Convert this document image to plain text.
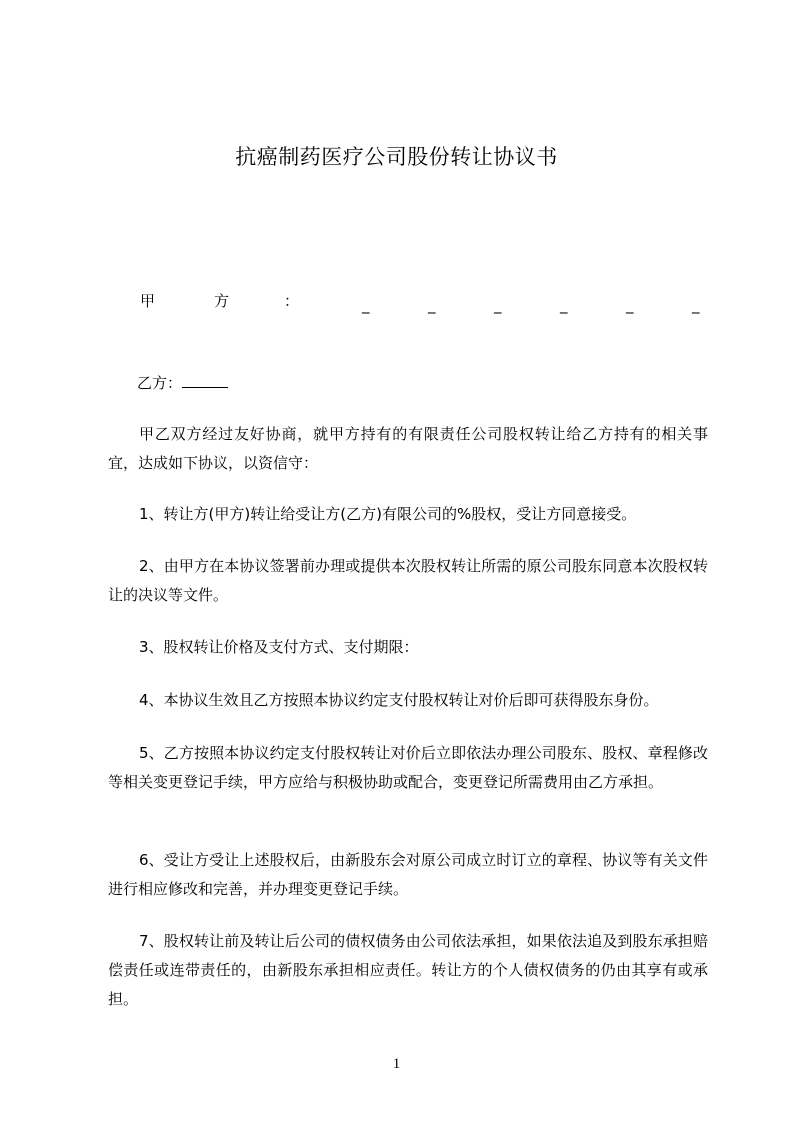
抗癌制药医疗公司股份转让协议书
甲	方	：	_	_	_	_	_	_
乙方：

甲乙双方经过友好协商，就甲方持有的有限责任公司股权转让给乙方持有的相关事宜，达成如下协议，以资信守：

1、转让方(甲方)转让给受让方(乙方)有限公司的%股权，受让方同意接受。

2、由甲方在本协议签署前办理或提供本次股权转让所需的原公司股东同意本次股权转让的决议等文件。

3、股权转让价格及支付方式、支付期限：

4、本协议生效且乙方按照本协议约定支付股权转让对价后即可获得股东身份。

5、乙方按照本协议约定支付股权转让对价后立即依法办理公司股东、股权、章程修改等相关变更登记手续，甲方应给与积极协助或配合，变更登记所需费用由乙方承担。

6、受让方受让上述股权后，由新股东会对原公司成立时订立的章程、协议等有关文件进行相应修改和完善，并办理变更登记手续。

7、股权转让前及转让后公司的债权债务由公司依法承担，如果依法追及到股东承担赔偿责任或连带责任的，由新股东承担相应责任。转让方的个人债权债务的仍由其享有或承担。

1
